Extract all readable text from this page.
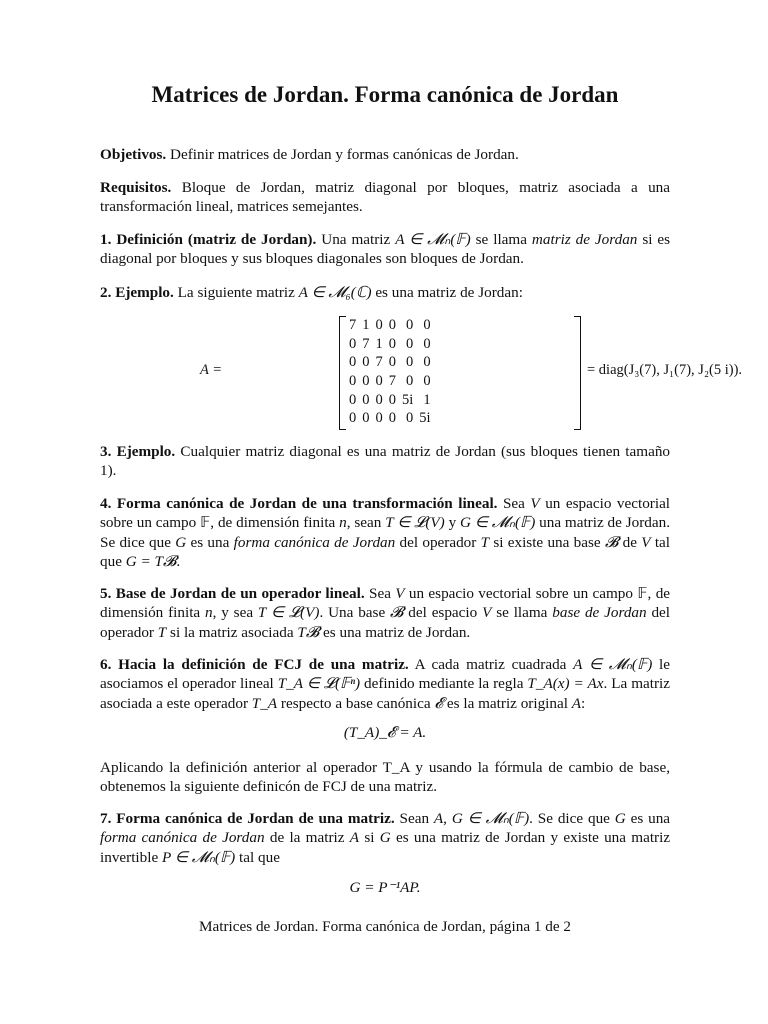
Matrices de Jordan. Forma canónica de Jordan
Objetivos. Definir matrices de Jordan y formas canónicas de Jordan.
Requisitos. Bloque de Jordan, matriz diagonal por bloques, matriz asociada a una transformación lineal, matrices semejantes.
1. Definición (matriz de Jordan). Una matriz A ∈ 𝓜ₙ(𝔽) se llama matriz de Jordan si es diagonal por bloques y sus bloques diagonales son bloques de Jordan.
2. Ejemplo. La siguiente matriz A ∈ 𝓜₆(ℂ) es una matriz de Jordan:
A =
7	1	0	0	0	0
0	7	1	0	0	0
0	0	7	0	0	0
0	0	0	7	0	0
0	0	0	0	5i	1
0	0	0	0	0	5i
= diag(J₃(7), J₁(7), J₂(5 i)).
3. Ejemplo. Cualquier matriz diagonal es una matriz de Jordan (sus bloques tienen tamaño 1).
4. Forma canónica de Jordan de una transformación lineal. Sea V un espacio vectorial sobre un campo 𝔽, de dimensión finita n, sean T ∈ 𝓛(V) y G ∈ 𝓜ₙ(𝔽) una matriz de Jordan. Se dice que G es una forma canónica de Jordan del operador T si existe una base 𝓑 de V tal que G = T𝓑.
5. Base de Jordan de un operador lineal. Sea V un espacio vectorial sobre un campo 𝔽, de dimensión finita n, y sea T ∈ 𝓛(V). Una base 𝓑 del espacio V se llama base de Jordan del operador T si la matriz asociada T𝓑 es una matriz de Jordan.
6. Hacia la definición de FCJ de una matriz. A cada matriz cuadrada A ∈ 𝓜ₙ(𝔽) le asociamos el operador lineal T_A ∈ 𝓛(𝔽ⁿ) definido mediante la regla T_A(x) = Ax. La matriz asociada a este operador T_A respecto a base canónica 𝓔 es la matriz original A:
(T_A)_𝓔 = A.
Aplicando la definición anterior al operador T_A y usando la fórmula de cambio de base, obtenemos la siguiente definicón de FCJ de una matriz.
7. Forma canónica de Jordan de una matriz. Sean A, G ∈ 𝓜ₙ(𝔽). Se dice que G es una forma canónica de Jordan de la matriz A si G es una matriz de Jordan y existe una matriz invertible P ∈ 𝓜ₙ(𝔽) tal que
G = P⁻¹AP.
Matrices de Jordan. Forma canónica de Jordan, página 1 de 2
